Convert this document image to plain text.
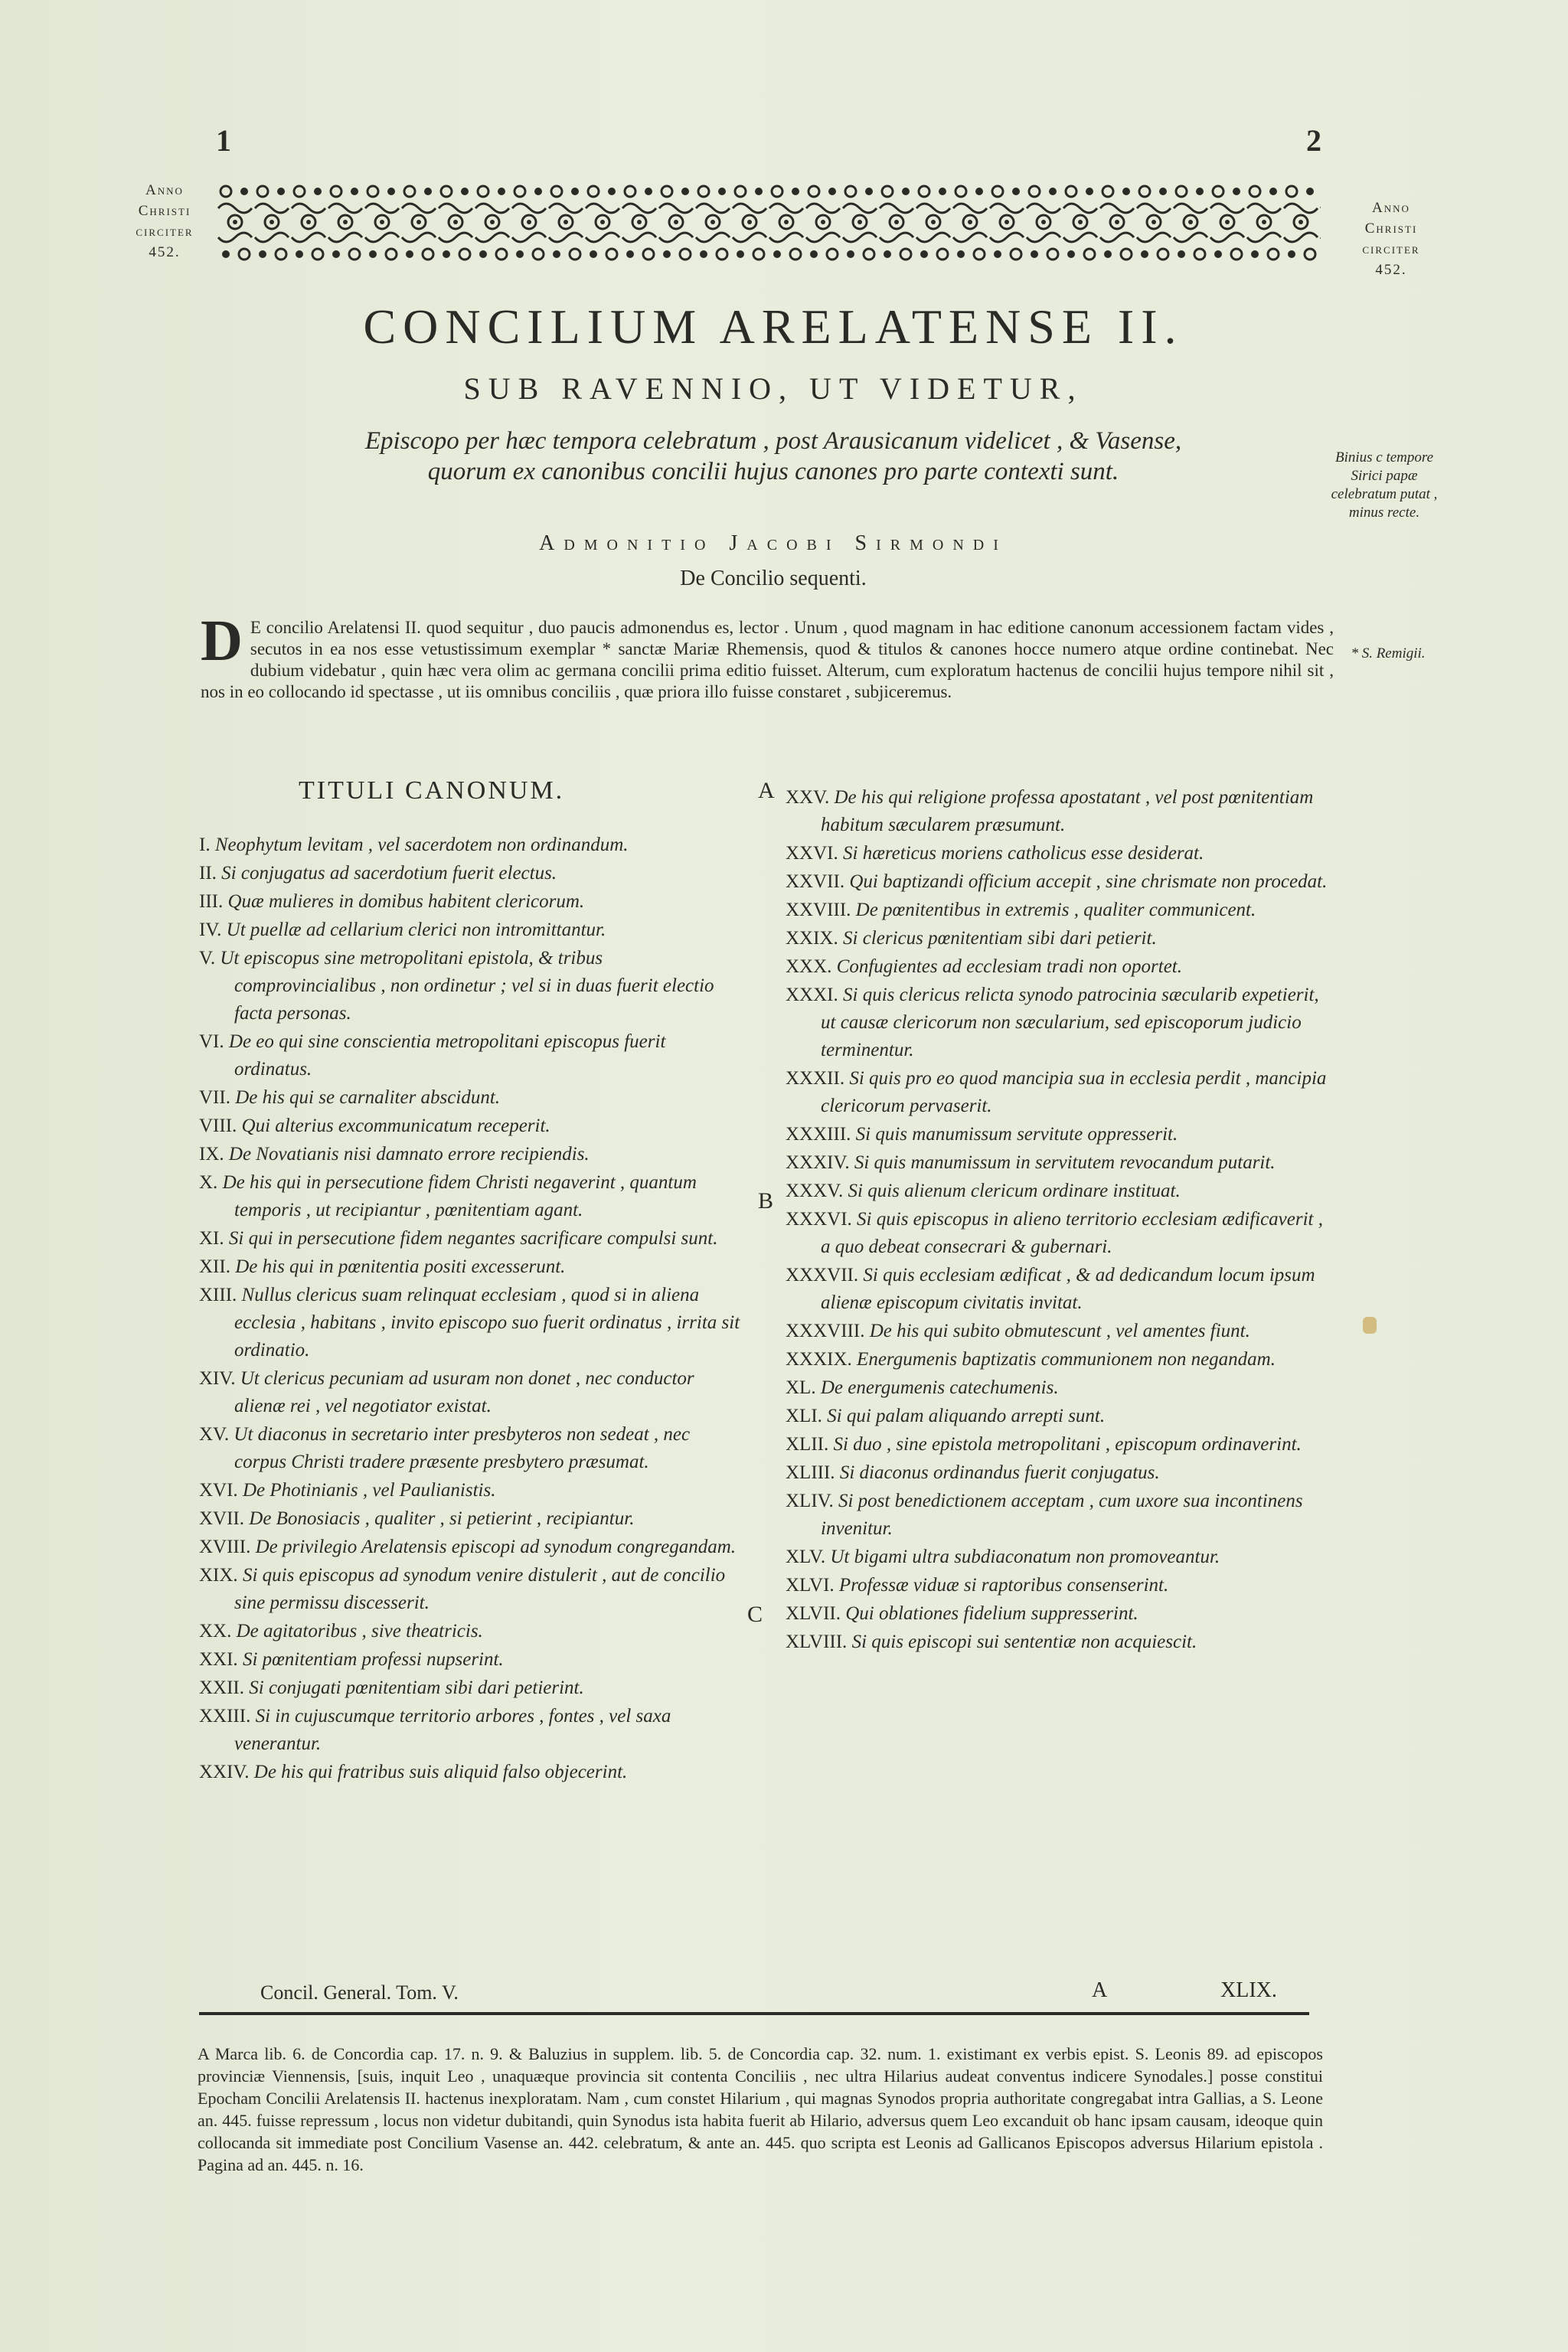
1	2
Anno
Christi
circiter
452.
Anno
Christi
circiter
452.
CONCILIUM ARELATENSE II.
SUB RAVENNIO, UT VIDETUR,
Episcopo per hæc tempora celebratum , post Arausicanum videlicet , & Vasense,
quorum ex canonibus concilii hujus canones pro parte contexti sunt.
Admonitio Jacobi Sirmondi
De Concilio sequenti.
Binius c tempore Sirici papæ celebratum putat , minus recte.
* S. Remigii.
D E concilio Arelatensi II. quod sequitur , duo paucis admonendus es, lector . Unum , quod magnam in hac editione canonum accessionem factam vides , secutos in ea nos esse vetustissimum exemplar * sanctæ Mariæ Rhemensis, quod & titulos & canones hocce numero atque ordine continebat. Nec dubium videbatur , quin hæc vera olim ac germana concilii prima editio fuisset. Alterum, cum exploratum hactenus de concilii hujus tempore nihil sit , nos in eo collocando id spectasse , ut iis omnibus conciliis , quæ priora illo fuisse constaret , subjiceremus.
TITULI CANONUM.	A
B
C
I. Neophytum levitam , vel sacerdotem non ordinandum.
II. Si conjugatus ad sacerdotium fuerit electus.
III. Quæ mulieres in domibus habitent clericorum.
IV. Ut puellæ ad cellarium clerici non intromittantur.
V. Ut episcopus sine metropolitani epistola, & tribus comprovincialibus , non ordinetur ; vel si in duas fuerit electio facta personas.
VI. De eo qui sine conscientia metropolitani episcopus fuerit ordinatus.
VII. De his qui se carnaliter abscidunt.
VIII. Qui alterius excommunicatum receperit.
IX. De Novatianis nisi damnato errore recipiendis.
X. De his qui in persecutione fidem Christi negaverint , quantum temporis , ut recipiantur , pœnitentiam agant.
XI. Si qui in persecutione fidem negantes sacrificare compulsi sunt.
XII. De his qui in pœnitentia positi excesserunt.
XIII. Nullus clericus suam relinquat ecclesiam , quod si in aliena ecclesia , habitans , invito episcopo suo fuerit ordinatus , irrita sit ordinatio.
XIV. Ut clericus pecuniam ad usuram non donet , nec conductor alienæ rei , vel negotiator existat.
XV. Ut diaconus in secretario inter presbyteros non sedeat , nec corpus Christi tradere præsente presbytero præsumat.
XVI. De Photinianis , vel Paulianistis.
XVII. De Bonosiacis , qualiter , si petierint , recipiantur.
XVIII. De privilegio Arelatensis episcopi ad synodum congregandam.
XIX. Si quis episcopus ad synodum venire distulerit , aut de concilio sine permissu discesserit.
XX. De agitatoribus , sive theatricis.
XXI. Si pœnitentiam professi nupserint.
XXII. Si conjugati pœnitentiam sibi dari petierint.
XXIII. Si in cujuscumque territorio arbores , fontes , vel saxa venerantur.
XXIV. De his qui fratribus suis aliquid falso objecerint.
XXV. De his qui religione professa apostatant , vel post pœnitentiam habitum sæcularem præsumunt.
XXVI. Si hæreticus moriens catholicus esse desiderat.
XXVII. Qui baptizandi officium accepit , sine chrismate non procedat.
XXVIII. De pœnitentibus in extremis , qualiter communicent.
XXIX. Si clericus pœnitentiam sibi dari petierit.
XXX. Confugientes ad ecclesiam tradi non oportet.
XXXI. Si quis clericus relicta synodo patrocinia sæcularib expetierit, ut causæ clericorum non sæcularium, sed episcoporum judicio terminentur.
XXXII. Si quis pro eo quod mancipia sua in ecclesia perdit , mancipia clericorum pervaserit.
XXXIII. Si quis manumissum servitute oppresserit.
XXXIV. Si quis manumissum in servitutem revocandum putarit.
XXXV. Si quis alienum clericum ordinare instituat.
XXXVI. Si quis episcopus in alieno territorio ecclesiam ædificaverit , a quo debeat consecrari & gubernari.
XXXVII. Si quis ecclesiam ædificat , & ad dedicandum locum ipsum alienæ episcopum civitatis invitat.
XXXVIII. De his qui subito obmutescunt , vel amentes fiunt.
XXXIX. Energumenis baptizatis communionem non negandam.
XL. De energumenis catechumenis.
XLI. Si qui palam aliquando arrepti sunt.
XLII. Si duo , sine epistola metropolitani , episcopum ordinaverint.
XLIII. Si diaconus ordinandus fuerit conjugatus.
XLIV. Si post benedictionem acceptam , cum uxore sua incontinens invenitur.
XLV. Ut bigami ultra subdiaconatum non promoveantur.
XLVI. Professæ viduæ si raptoribus consenserint.
XLVII. Qui oblationes fidelium suppresserint.
XLVIII. Si quis episcopi sui sententiæ non acquiescit.
Concil. General. Tom. V.	A	XLIX.
A Marca lib. 6. de Concordia cap. 17. n. 9. & Baluzius in supplem. lib. 5. de Concordia cap. 32. num. 1. existimant ex verbis epist. S. Leonis 89. ad episcopos provinciæ Viennensis, [suis, inquit Leo , unaquæque provincia sit contenta Conciliis , nec ultra Hilarius audeat conventus indicere Synodales.] posse constitui Epocham Concilii Arelatensis II. hactenus inexploratam. Nam , cum constet Hilarium , qui magnas Synodos propria authoritate congregabat intra Gallias, a S. Leone an. 445. fuisse repressum , locus non videtur dubitandi, quin Synodus ista habita fuerit ab Hilario, adversus quem Leo excanduit ob hanc ipsam causam, ideoque quin collocanda sit immediate post Concilium Vasense an. 442. celebratum, & ante an. 445. quo scripta est Leonis ad Gallicanos Episcopos adversus Hilarium epistola . Pagina ad an. 445. n. 16.
